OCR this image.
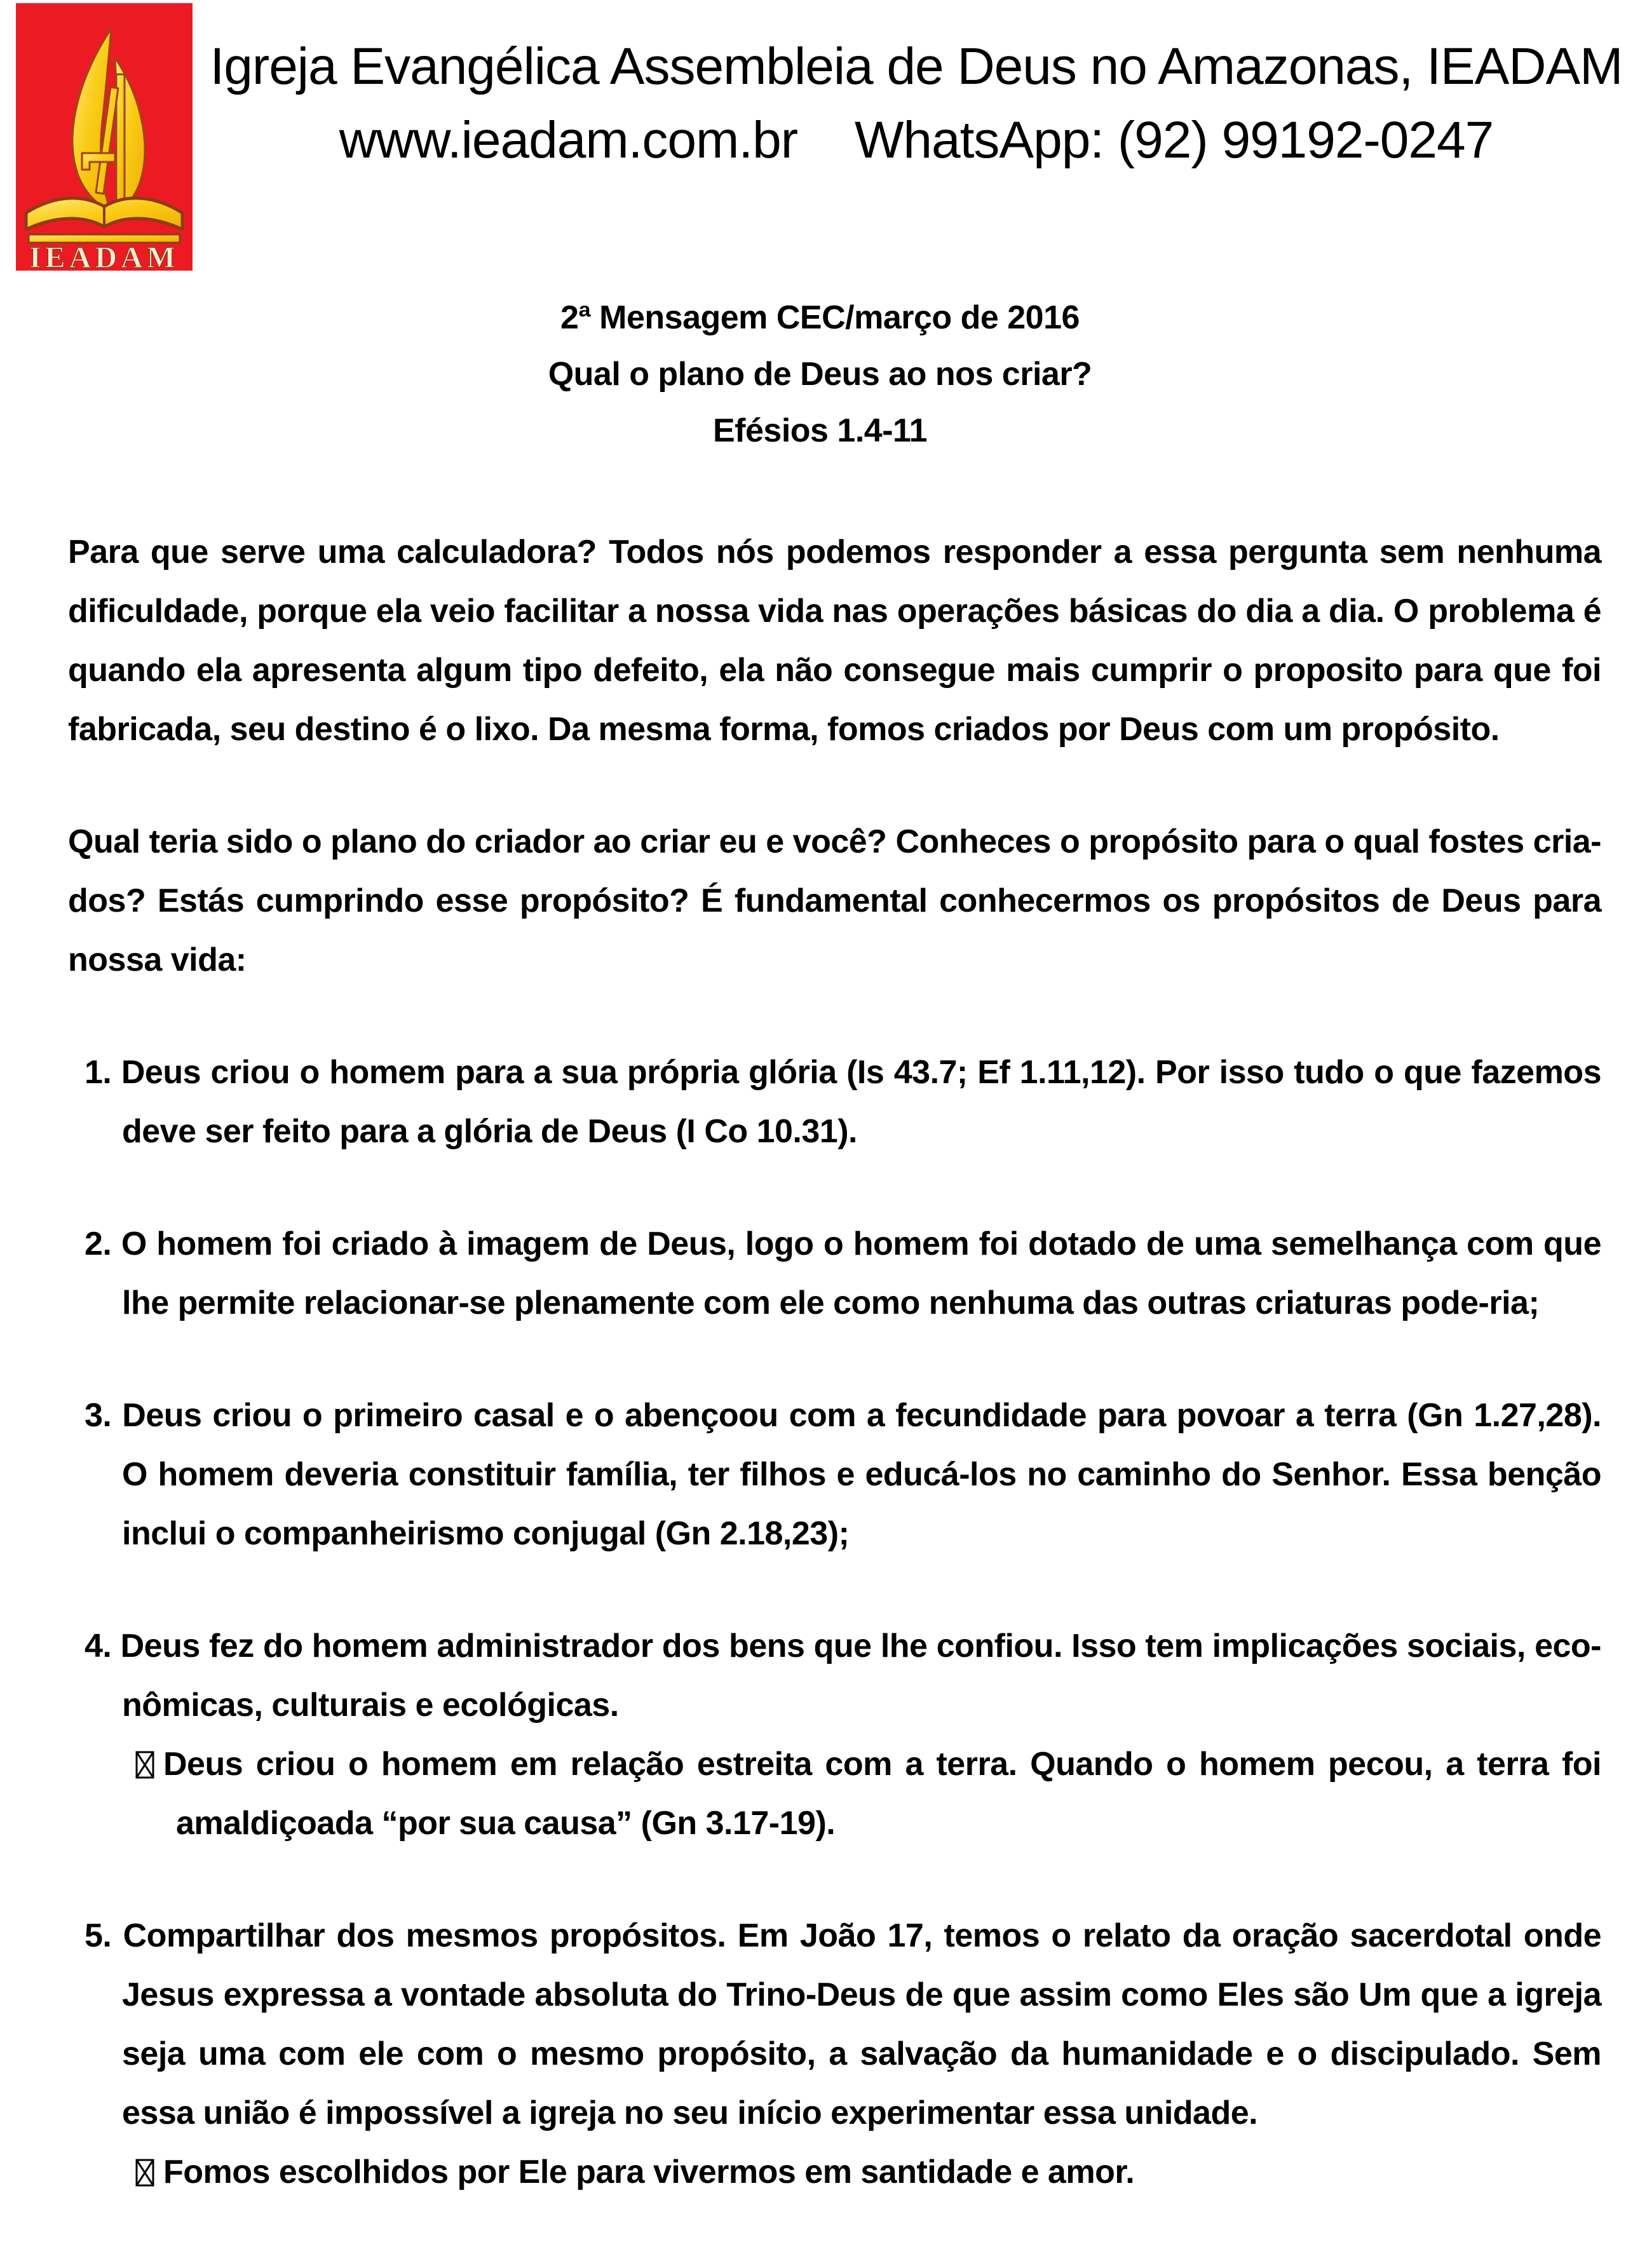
IEADAM
Igreja Evangélica Assembleia de Deus no Amazonas, IEADAM
www.ieadam.com.br WhatsApp: (92) 99192-0247
2ª Mensagem CEC/março de 2016
Qual o plano de Deus ao nos criar?
Efésios 1.4-11

Para que serve uma calculadora? Todos nós podemos responder a essa pergunta sem nenhuma dificuldade, porque ela veio facilitar a nossa vida nas operações básicas do dia a dia. O problema é quando ela apresenta algum tipo defeito, ela não consegue mais cumprir o proposito para que foi fabricada, seu destino é o lixo. Da mesma forma, fomos criados por Deus com um propósito.

Qual teria sido o plano do criador ao criar eu e você? Conheces o propósito para o qual fostes cria-dos? Estás cumprindo esse propósito? É fundamental conhecermos os propósitos de Deus para nossa vida:

1. Deus criou o homem para a sua própria glória (Is 43.7; Ef 1.11,12). Por isso tudo o que fazemos deve ser feito para a glória de Deus (I Co 10.31).
2. O homem foi criado à imagem de Deus, logo o homem foi dotado de uma semelhança com que lhe permite relacionar-se plenamente com ele como nenhuma das outras criaturas pode-ria;
3. Deus criou o primeiro casal e o abençoou com a fecundidade para povoar a terra (Gn 1.27,28). O homem deveria constituir família, ter filhos e educá-los no caminho do Senhor. Essa benção inclui o companheirismo conjugal (Gn 2.18,23);
4. Deus fez do homem administrador dos bens que lhe confiou. Isso tem implicações sociais, eco-nômicas, culturais e ecológicas.
Deus criou o homem em relação estreita com a terra. Quando o homem pecou, a terra foi amaldiçoada “por sua causa” (Gn 3.17-19).
5. Compartilhar dos mesmos propósitos. Em João 17, temos o relato da oração sacerdotal onde Jesus expressa a vontade absoluta do Trino-Deus de que assim como Eles são Um que a igreja seja uma com ele com o mesmo propósito, a salvação da humanidade e o discipulado. Sem essa união é impossível a igreja no seu início experimentar essa unidade.
Fomos escolhidos por Ele para vivermos em santidade e amor.
